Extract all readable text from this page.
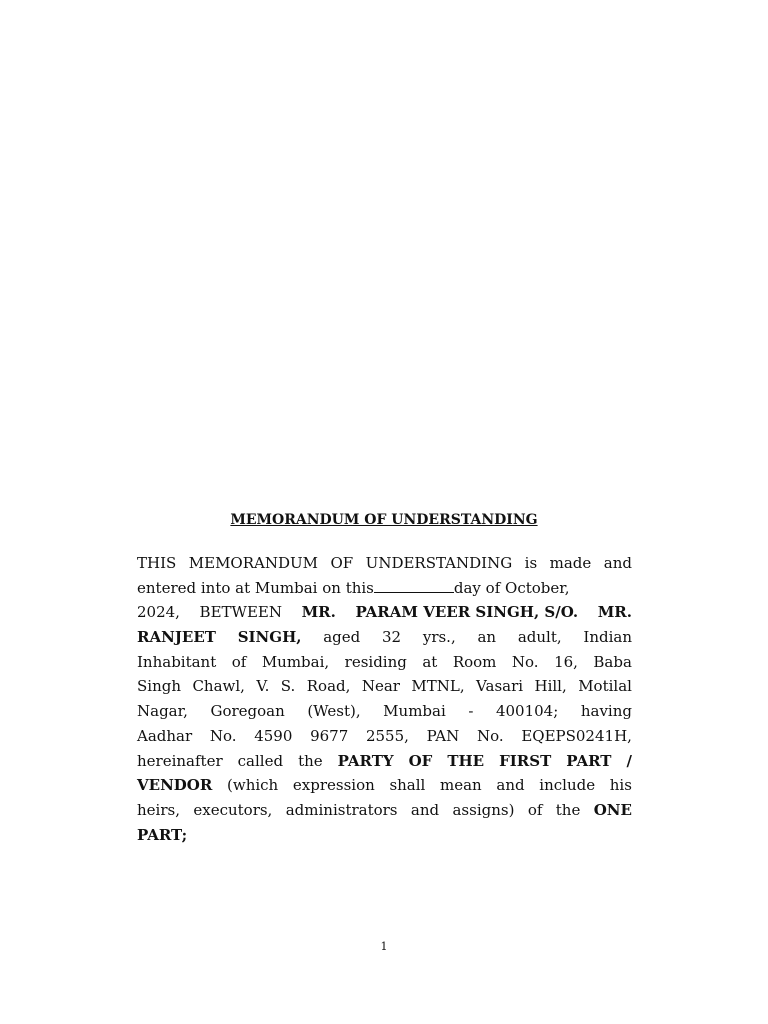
MEMORANDUM OF UNDERSTANDING
THIS MEMORANDUM OF UNDERSTANDING is made and
entered into at Mumbai on this	day of October,
2024, BETWEEN MR. PARAM VEER SINGH, S/O. MR.
RANJEET SINGH, aged 32 yrs., an adult, Indian
Inhabitant of Mumbai, residing at Room No. 16, Baba
Singh Chawl, V. S. Road, Near MTNL, Vasari Hill, Motilal
Nagar, Goregoan (West), Mumbai - 400104; having
Aadhar No. 4590 9677 2555, PAN No. EQEPS0241H,
hereinafter called the PARTY OF THE FIRST PART /
VENDOR (which expression shall mean and include his
heirs, executors, administrators and assigns) of the ONE
PART;
1
